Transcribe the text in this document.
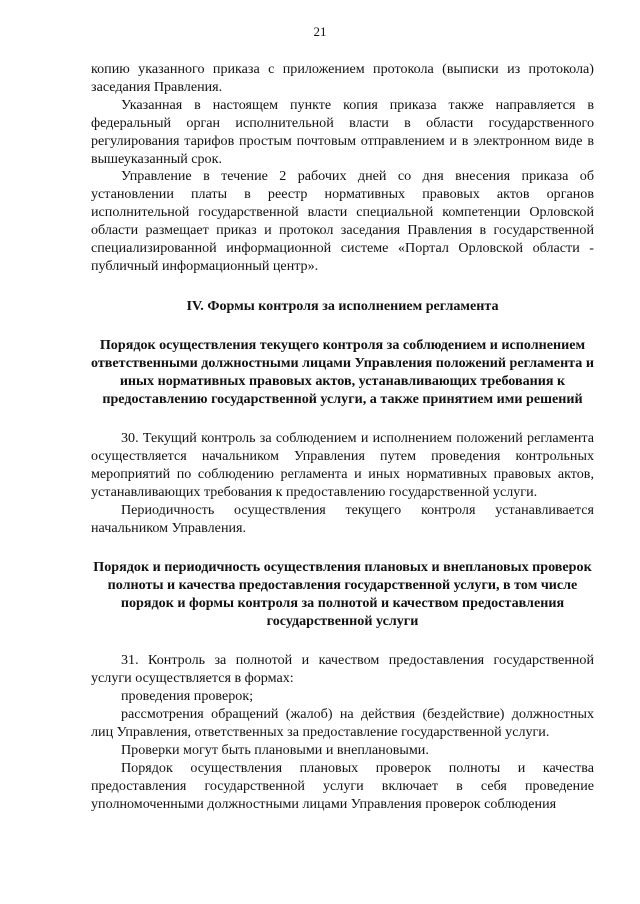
21

копию указанного приказа с приложением протокола (выписки из протокола) заседания Правления.

Указанная в настоящем пункте копия приказа также направляется в федеральный орган исполнительной власти в области государственного регулирования тарифов простым почтовым отправлением и в электронном виде в вышеуказанный срок.

Управление в течение 2 рабочих дней со дня внесения приказа об установлении платы в реестр нормативных правовых актов органов исполнительной государственной власти специальной компетенции Орловской области размещает приказ и протокол заседания Правления в государственной специализированной информационной системе «Портал Орловской области - публичный информационный центр».

IV. Формы контроля за исполнением регламента

Порядок осуществления текущего контроля за соблюдением и исполнением ответственными должностными лицами Управления положений регламента и иных нормативных правовых актов, устанавливающих требования к предоставлению государственной услуги, а также принятием ими решений

30. Текущий контроль за соблюдением и исполнением положений регламента осуществляется начальником Управления путем проведения контрольных мероприятий по соблюдению регламента и иных нормативных правовых актов, устанавливающих требования к предоставлению государственной услуги.

Периодичность осуществления текущего контроля устанавливается начальником Управления.

Порядок и периодичность осуществления плановых и внеплановых проверок полноты и качества предоставления государственной услуги, в том числе порядок и формы контроля за полнотой и качеством предоставления государственной услуги

31. Контроль за полнотой и качеством предоставления государственной услуги осуществляется в формах:

проведения проверок;

рассмотрения обращений (жалоб) на действия (бездействие) должностных лиц Управления, ответственных за предоставление государственной услуги.

Проверки могут быть плановыми и внеплановыми.

Порядок осуществления плановых проверок полноты и качества предоставления государственной услуги включает в себя проведение уполномоченными должностными лицами Управления проверок соблюдения
